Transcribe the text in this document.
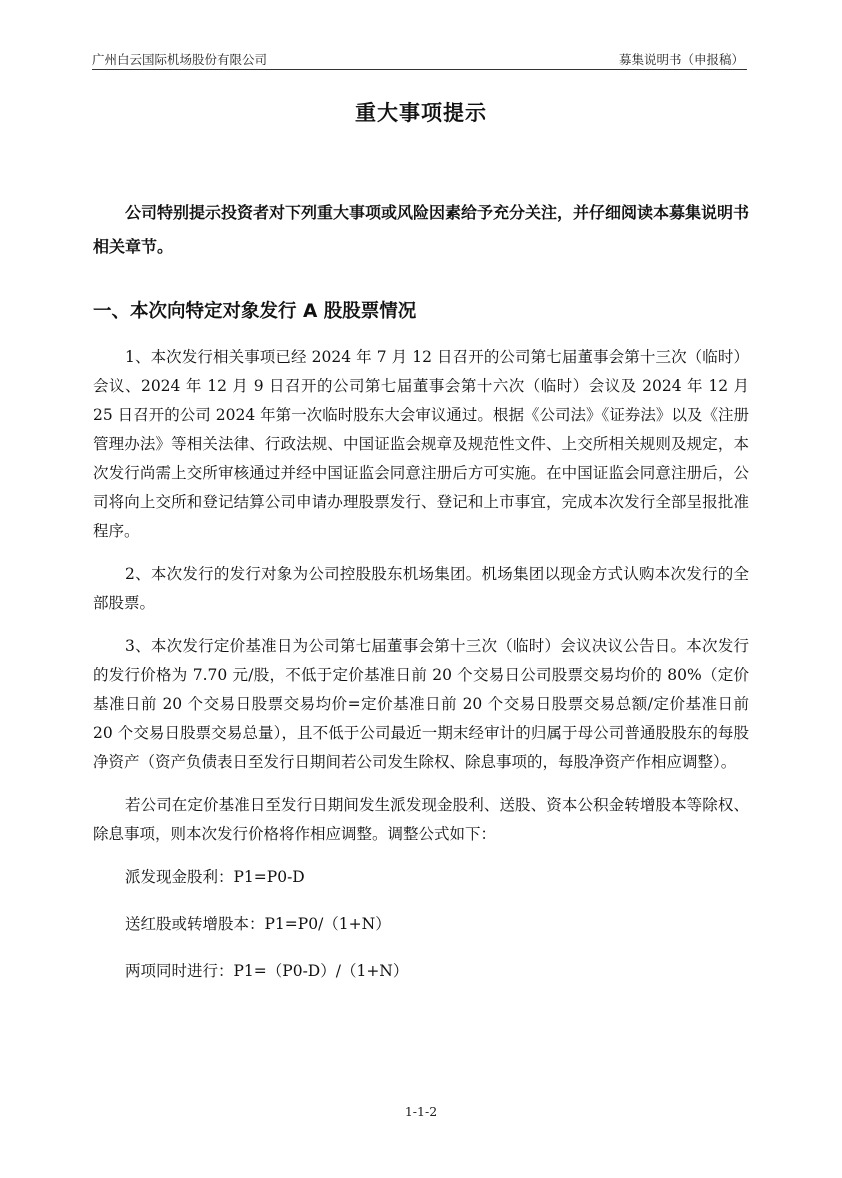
广州白云国际机场股份有限公司	募集说明书（申报稿）
重大事项提示

公司特别提示投资者对下列重大事项或风险因素给予充分关注，并仔细阅读本募集说明书相关章节。

一、本次向特定对象发行 A 股股票情况

1、本次发行相关事项已经 2024 年 7 月 12 日召开的公司第七届董事会第十三次（临时）会议、2024 年 12 月 9 日召开的公司第七届董事会第十六次（临时）会议及 2024 年 12 月 25 日召开的公司 2024 年第一次临时股东大会审议通过。根据《公司法》《证券法》以及《注册管理办法》等相关法律、行政法规、中国证监会规章及规范性文件、上交所相关规则及规定，本次发行尚需上交所审核通过并经中国证监会同意注册后方可实施。在中国证监会同意注册后，公司将向上交所和登记结算公司申请办理股票发行、登记和上市事宜，完成本次发行全部呈报批准程序。

2、本次发行的发行对象为公司控股股东机场集团。机场集团以现金方式认购本次发行的全部股票。

3、本次发行定价基准日为公司第七届董事会第十三次（临时）会议决议公告日。本次发行的发行价格为 7.70 元/股，不低于定价基准日前 20 个交易日公司股票交易均价的 80%（定价基准日前 20 个交易日股票交易均价=定价基准日前 20 个交易日股票交易总额/定价基准日前 20 个交易日股票交易总量），且不低于公司最近一期末经审计的归属于母公司普通股股东的每股净资产（资产负债表日至发行日期间若公司发生除权、除息事项的，每股净资产作相应调整）。

若公司在定价基准日至发行日期间发生派发现金股利、送股、资本公积金转增股本等除权、除息事项，则本次发行价格将作相应调整。调整公式如下：

派发现金股利：P1=P0-D

送红股或转增股本：P1=P0/（1+N）

两项同时进行：P1=（P0-D）/（1+N）

1-1-2
